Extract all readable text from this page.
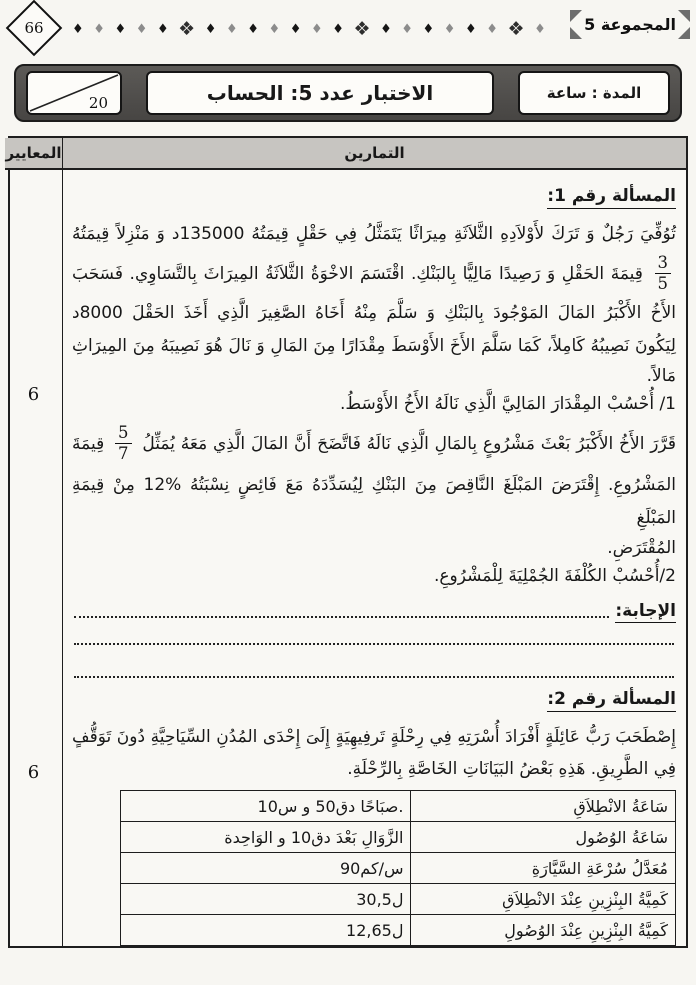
66	♦ ♦ ♦ ♦ ♦ ❖ ♦ ♦ ♦ ♦ ♦ ♦ ♦ ❖ ♦ ♦ ♦ ♦ ♦ ♦ ❖ ♦	المجموعة 5
المدة : ساعة
الاختبار عدد 5: الحساب
20
التمارين
المعايير
المسألة رقم 1:
تُوُفِّيَ رَجُلٌ وَ تَرَكَ لأَوْلاَدِهِ الثَّلاَثَةِ مِيرَاثًا يَتَمَثَّلُ فِي حَقْلٍ قِيمَتُهُ 135000د وَ مَنْزِلاً قِيمَتُهُ
$\frac{3}{5}$
قِيمَةَ الحَقْلِ وَ رَصِيدًا مَالِيًّا بِالبَنْكِ. اقْتَسَمَ الاخْوَةُ الثَّلاَثَةُ المِيرَاثَ بِالتَّسَاوِي. فَسَحَبَ
الأَخُ الأَكْبَرُ المَالَ المَوْجُودَ بِالبَنْكِ وَ سَلَّمَ مِنْهُ أَخَاهُ الصَّغِيرَ الَّذِي أَخَذَ الحَقْلَ 8000د
لِيَكُونَ نَصِيبُهُ كَامِلاً، كَمَا سَلَّمَ الأَخَ الأَوْسَطَ مِقْدَارًا مِنَ المَالِ وَ نَالَ هُوَ نَصِيبَهُ مِنَ المِيرَاثِ
مَالاً.
1/ أُحْسُبْ المِقْدَارَ المَالِيَّ الَّذِي نَالَهُ الأَخُ الأَوْسَطُ.
قَرَّرَ الأَخُ الأَكْبَرُ بَعْثَ مَشْرُوعٍ بِالمَالِ الَّذِي نَالَهُ فَاتَّضَحَ أَنَّ المَالَ الَّذِي مَعَهُ يُمَثِّلُ
$\frac{5}{7}$
قِيمَةَ
المَشْرُوعِ. إِقْتَرَضَ المَبْلَغَ النَّاقِصَ مِنَ البَنْكِ لِيُسَدِّدَهُ مَعَ فَائِضٍ نِسْبَتُهُ %12 مِنْ قِيمَةِ المَبْلَغِ
المُقْتَرَضِ.
2/أُحْسُبْ الكُلْفَةَ الجُمْلِيَةَ لِلْمَشْرُوعِ.
الإجابة:
المسألة رقم 2:
إِصْطَحَبَ رَبُّ عَائِلَةٍ أَفْرَادَ أُسْرَتِهِ فِي رِحْلَةٍ تَرفِيهِيَةٍ إِلَىَ إِحْدَى المُدُنِ السِّيَاحِيَّةِ دُونَ تَوَقُّفٍ
فِي الطَّرِيقِ. هَذِهِ بَعْضُ البَيَانَاتِ الخَاصَّةِ بِالرِّحْلَةِ.
سَاعَةُ الانْطِلاَقِ	10س‎ و‎ 50دق‎ صبَاحًا‎.
سَاعَةُ الوُصُول	الوَاحِدة‎ و‎ 10دق‎ بَعْدَ‎ الزَّوَالِ
مُعَدَّلُ سُرْعَةِ السَّيَّارَةِ	90كم‎/‎س
كَمِيَّةُ البِنْزِينِ عِنْدَ الانْطِلاَقِ	ل30,5
كَمِيَّةُ البِنْزِينِ عِنْدَ الوُصُولِ	ل12,65
6
6
